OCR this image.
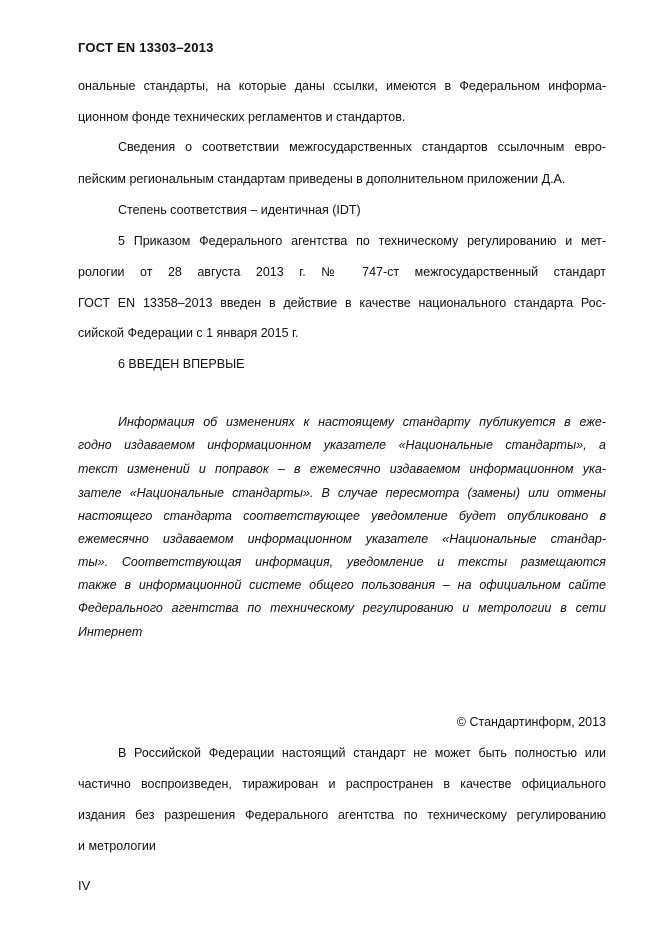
ГОСТ EN 13303–2013
ональные стандарты, на которые даны ссылки, имеются в Федеральном информа-
ционном фонде технических регламентов и стандартов.
Сведения о соответствии межгосударственных стандартов ссылочным евро-
пейским региональным стандартам приведены в дополнительном приложении Д.А.
Степень соответствия – идентичная (IDT)
5 Приказом Федерального агентства по техническому регулированию и мет-
рологии от 28 августа 2013 г. № 747-ст межгосударственный стандарт
ГОСТ EN 13358–2013 введен в действие в качестве национального стандарта Рос-
сийской Федерации с 1 января 2015 г.
6 ВВЕДЕН ВПЕРВЫЕ
Информация об изменениях к настоящему стандарту публикуется в еже-
годно издаваемом информационном указателе «Национальные стандарты», а
текст изменений и поправок – в ежемесячно издаваемом информационном ука-
зателе «Национальные стандарты». В случае пересмотра (замены) или отмены
настоящего стандарта соответствующее уведомление будет опубликовано в
ежемесячно издаваемом информационном указателе «Национальные стандар-
ты». Соответствующая информация, уведомление и тексты размещаются
также в информационной системе общего пользования – на официальном сайте
Федерального агентства по техническому регулированию и метрологии в сети
Интернет
© Стандартинформ, 2013
В Российской Федерации настоящий стандарт не может быть полностью или
частично воспроизведен, тиражирован и распространен в качестве официального
издания без разрешения Федерального агентства по техническому регулированию
и метрологии
IV
